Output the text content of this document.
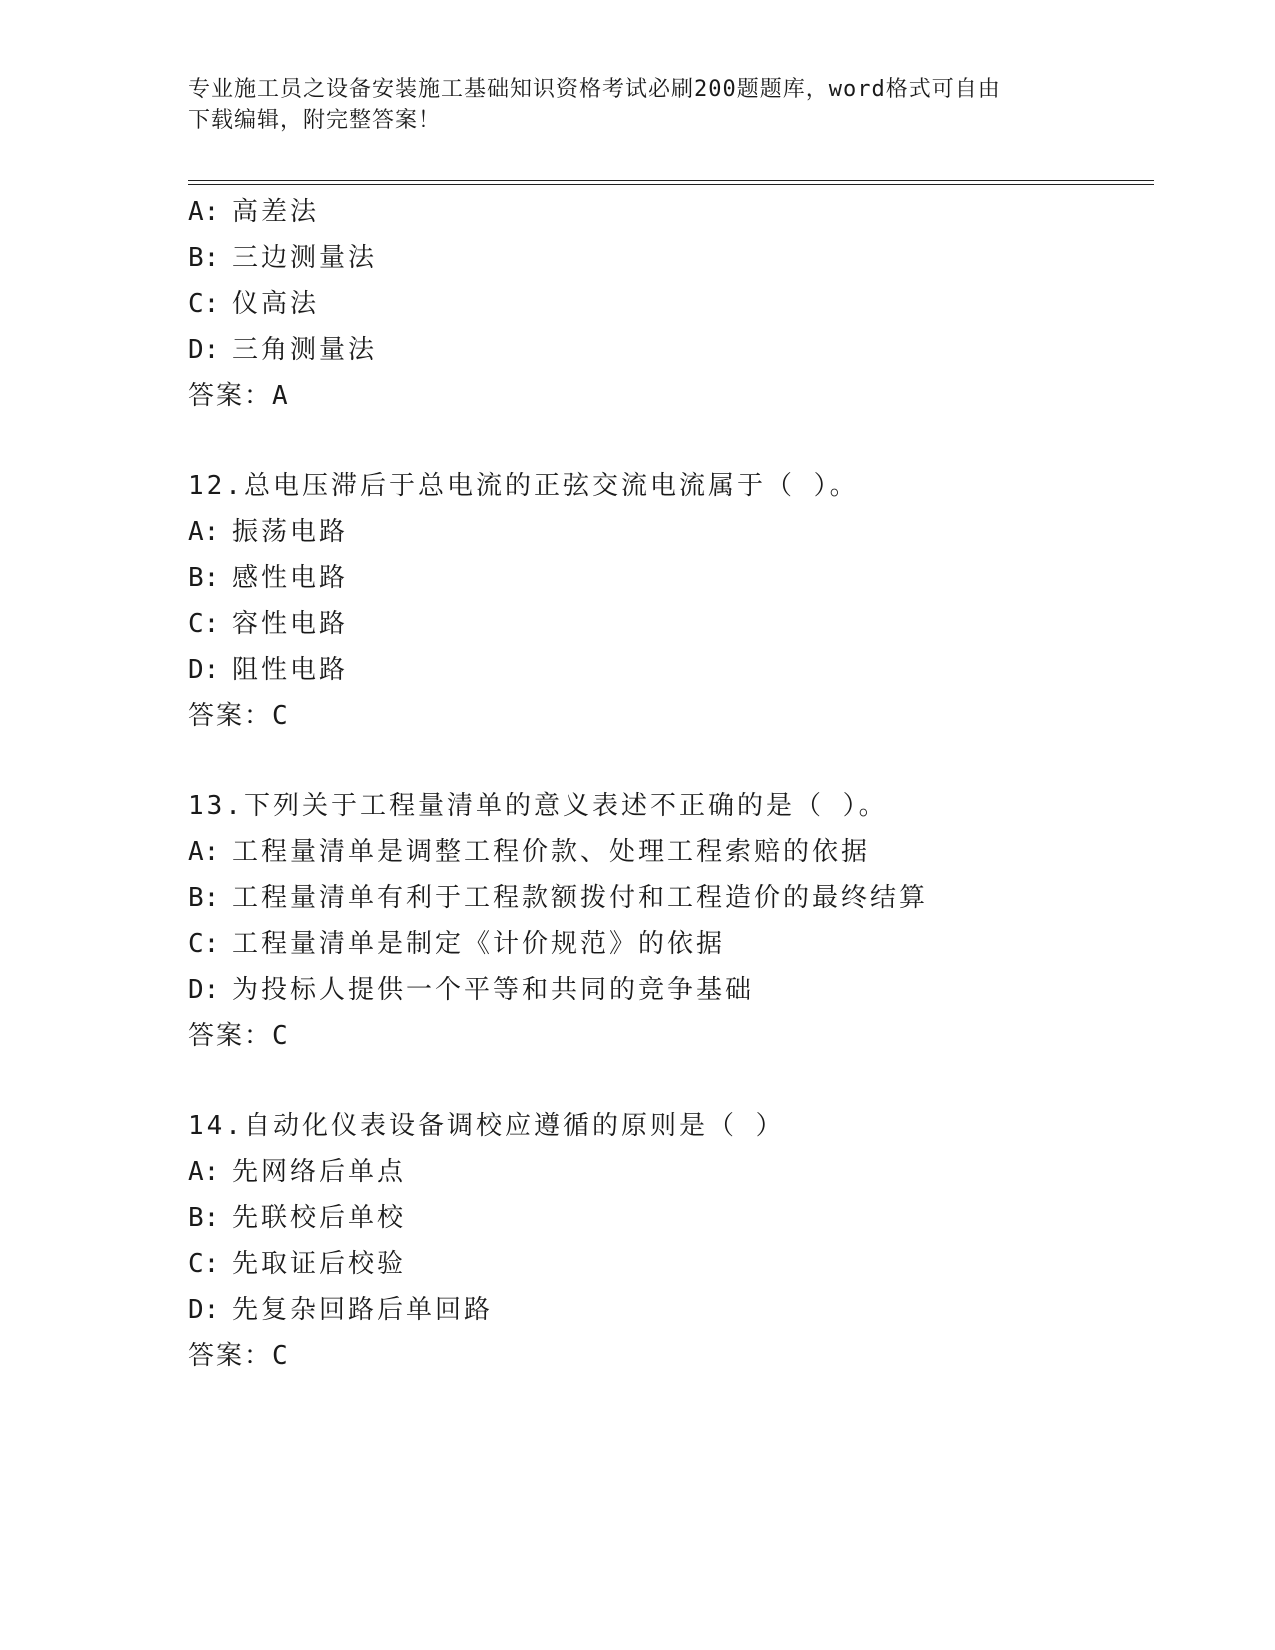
专业施工员之设备安装施工基础知识资格考试必刷200题题库，word格式可自由
下载编辑，附完整答案！
A: 高差法
B: 三边测量法
C: 仪高法
D: 三角测量法
答案：A
12.总电压滞后于总电流的正弦交流电流属于（ ）。
A: 振荡电路
B: 感性电路
C: 容性电路
D: 阻性电路
答案：C
13.下列关于工程量清单的意义表述不正确的是（ ）。
A: 工程量清单是调整工程价款、处理工程索赔的依据
B: 工程量清单有利于工程款额拨付和工程造价的最终结算
C: 工程量清单是制定《计价规范》的依据
D: 为投标人提供一个平等和共同的竞争基础
答案：C
14.自动化仪表设备调校应遵循的原则是（ ）
A: 先网络后单点
B: 先联校后单校
C: 先取证后校验
D: 先复杂回路后单回路
答案：C
